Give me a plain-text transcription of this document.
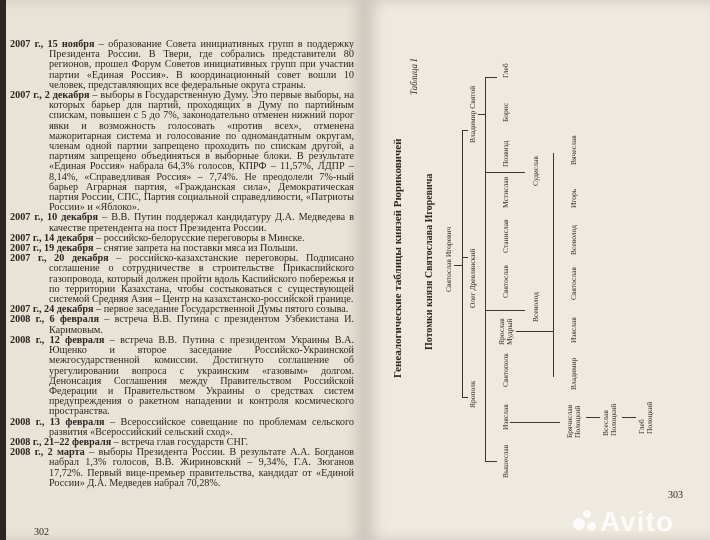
2007 г., 15 ноября – образование Совета инициативных групп в поддержку Президента России. В Твери, где собрались представители 80 регионов, прошел Форум Советов инициативных групп при участии партии «Единая Россия». В координационный совет вошли 10 человек, представляющих все федеральные округа страны.

2007 г., 2 декабря – выборы в Государственную Думу. Это первые выборы, на которых барьер для партий, проходящих в Думу по партийным спискам, повышен с 5 до 7%, законодательно отменен нижний порог явки и возможность голосовать «против всех», отменена мажоритарная система и голосование по одномандатным округам, членам одной партии запрещено проходить по спискам другой, а партиям запрещено объединяться в выборные блоки. В результате «Единая Россия» набрала 64,3% голосов, КПРФ – 11,57%, ЛДПР – 8,14%, «Справедливая Россия» – 7,74%. Не преодолели 7%-ный барьер Аграрная партия, «Гражданская сила», Демократическая партия России, СПС, Партия социальной справедливости, «Патриоты России» и «Яблоко».

2007 г., 10 декабря – В.В. Путин поддержал кандидатуру Д.А. Медведева в качестве претендента на пост Президента России.

2007 г., 14 декабря – российско-белорусские переговоры в Минске.

2007 г., 19 декабря – снятие запрета на поставки мяса из Польши.

2007 г., 20 декабря – российско-казахстанские переговоры. Подписано соглашение о сотрудничестве в строительстве Прикаспийского газопровода, который должен пройти вдоль Каспийского побережья и по территории Казахстана, чтобы состыковаться с существующей системой Средняя Азия – Центр на казахстанско-российской границе.

2007 г., 24 декабря – первое заседание Государственной Думы пятого созыва.

2008 г., 6 февраля – встреча В.В. Путина с президентом Узбекистана И. Каримовым.

2008 г., 12 февраля – встреча В.В. Путина с президентом Украины В.А. Ющенко и второе заседание Российско-Украинской межгосударственной комиссии. Достигнуто соглашение об урегулировании вопроса с украинским «газовым» долгом. Денонсация Соглашения между Правительством Российской Федерации и Правительством Украины о средствах систем предупреждения о ракетном нападении и контроля космического пространства.

2008 г., 13 февраля – Всероссийское совещание по проблемам сельского развития «Всероссийский сельский сход».

2008 г., 21–22 февраля – встреча глав государств СНГ.

2008 г., 2 марта – выборы Президента России. В результате А.А. Богданов набрал 1,3% голосов, В.В. Жириновский – 9,34%, Г.А. Зюганов 17,72%. Первый вице-премьер правительства, кандидат от «Единой России» Д.А. Медведев набрал 70,28%.

302
Генеалогические таблицы князей Рюриковичей Потомки князя Святослава Игоревича
Таблица I
Святослав Игоревич
Ярополк
Олег Древлянский
Владимир Святой
Вышеслав
Изяслав
Святополк
Ярослав Мудрый
Святослав
Станислав
Мстислав
Позвизд
Борис
Глеб
Всеволод
Судислав
Владимир
Изяслав
Святослав
Всеволод
Игорь
Вячеслав
Брячислав Полоцкий	Всеслав Полоцкий	Глеб Полоцкий
303
Avito
